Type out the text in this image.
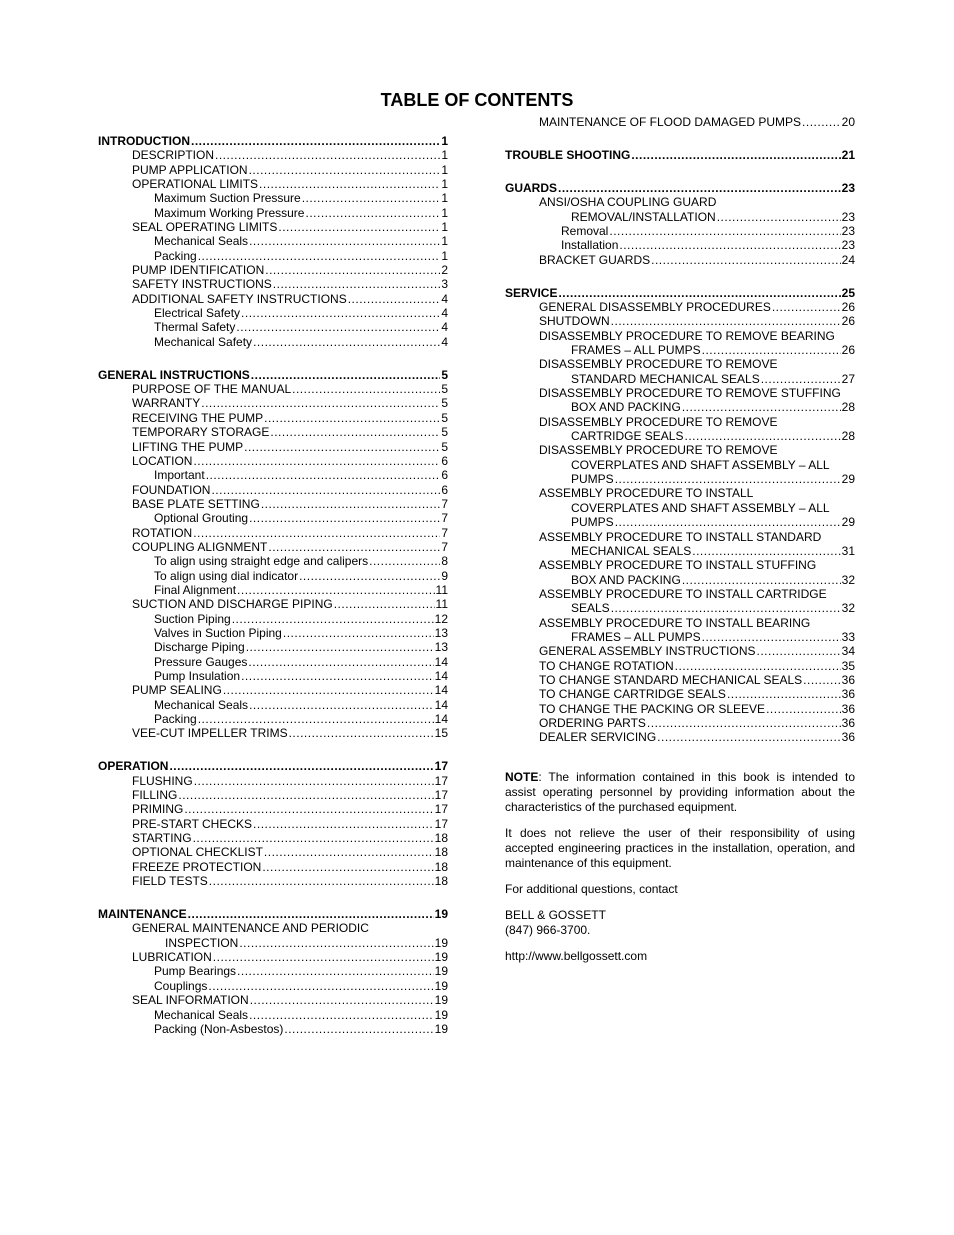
TABLE OF CONTENTS
INTRODUCTION .....	1
DESCRIPTION .....	1
PUMP APPLICATION .....	1
OPERATIONAL LIMITS .....	1
Maximum Suction Pressure .....	1
Maximum Working Pressure .....	1
SEAL OPERATING LIMITS .....	1
Mechanical Seals .....	1
Packing .....	1
PUMP IDENTIFICATION .....	2
SAFETY INSTRUCTIONS .....	3
ADDITIONAL SAFETY INSTRUCTIONS .....	4
Electrical Safety .....	4
Thermal Safety .....	4
Mechanical Safety .....	4
GENERAL INSTRUCTIONS .....	5
PURPOSE OF THE MANUAL .....	5
WARRANTY .....	5
RECEIVING THE PUMP .....	5
TEMPORARY STORAGE .....	5
LIFTING THE PUMP .....	5
LOCATION .....	6
Important .....	6
FOUNDATION .....	6
BASE PLATE SETTING .....	7
Optional Grouting .....	7
ROTATION .....	7
COUPLING ALIGNMENT .....	7
To align using straight edge and calipers .....	8
To align using dial indicator .....	9
Final Alignment .....	11
SUCTION AND DISCHARGE PIPING .....	11
Suction Piping .....	12
Valves in Suction Piping .....	13
Discharge Piping .....	13
Pressure Gauges .....	14
Pump Insulation .....	14
PUMP SEALING .....	14
Mechanical Seals .....	14
Packing .....	14
VEE-CUT IMPELLER TRIMS .....	15
OPERATION .....	17
FLUSHING .....	17
FILLING .....	17
PRIMING .....	17
PRE-START CHECKS .....	17
STARTING .....	18
OPTIONAL CHECKLIST .....	18
FREEZE PROTECTION .....	18
FIELD TESTS .....	18
MAINTENANCE .....	19
GENERAL MAINTENANCE AND PERIODIC
INSPECTION .....	19
LUBRICATION .....	19
Pump Bearings .....	19
Couplings .....	19
SEAL INFORMATION .....	19
Mechanical Seals .....	19
Packing (Non-Asbestos) .....	19
MAINTENANCE OF FLOOD DAMAGED PUMPS .....	20
TROUBLE SHOOTING .....	21
GUARDS .....	23
ANSI/OSHA COUPLING GUARD
REMOVAL/INSTALLATION .....	23
Removal .....	23
Installation .....	23
BRACKET GUARDS .....	24
SERVICE .....	25
GENERAL DISASSEMBLY PROCEDURES .....	26
SHUTDOWN .....	26
DISASSEMBLY PROCEDURE TO REMOVE BEARING
FRAMES – ALL PUMPS .....	26
DISASSEMBLY PROCEDURE TO REMOVE
STANDARD MECHANICAL SEALS .....	27
DISASSEMBLY PROCEDURE TO REMOVE STUFFING
BOX AND PACKING .....	28
DISASSEMBLY PROCEDURE TO REMOVE
CARTRIDGE SEALS .....	28
DISASSEMBLY PROCEDURE TO REMOVE
COVERPLATES AND SHAFT ASSEMBLY – ALL
PUMPS .....	29
ASSEMBLY PROCEDURE TO INSTALL
COVERPLATES AND SHAFT ASSEMBLY – ALL
PUMPS .....	29
ASSEMBLY PROCEDURE TO INSTALL STANDARD
MECHANICAL SEALS .....	31
ASSEMBLY PROCEDURE TO INSTALL STUFFING
BOX AND PACKING .....	32
ASSEMBLY PROCEDURE TO INSTALL CARTRIDGE
SEALS .....	32
ASSEMBLY PROCEDURE TO INSTALL BEARING
FRAMES – ALL PUMPS .....	33
GENERAL ASSEMBLY INSTRUCTIONS .....	34
TO CHANGE ROTATION .....	35
TO CHANGE STANDARD MECHANICAL SEALS .....	36
TO CHANGE CARTRIDGE SEALS .....	36
TO CHANGE THE PACKING OR SLEEVE .....	36
ORDERING PARTS .....	36
DEALER SERVICING .....	36

NOTE: The information contained in this book is intended to assist operating personnel by providing information about the characteristics of the purchased equipment.

It does not relieve the user of their responsibility of using accepted engineering practices in the installation, operation, and maintenance of this equipment.

For additional questions, contact

BELL & GOSSETT
(847) 966-3700.

http://www.bellgossett.com
